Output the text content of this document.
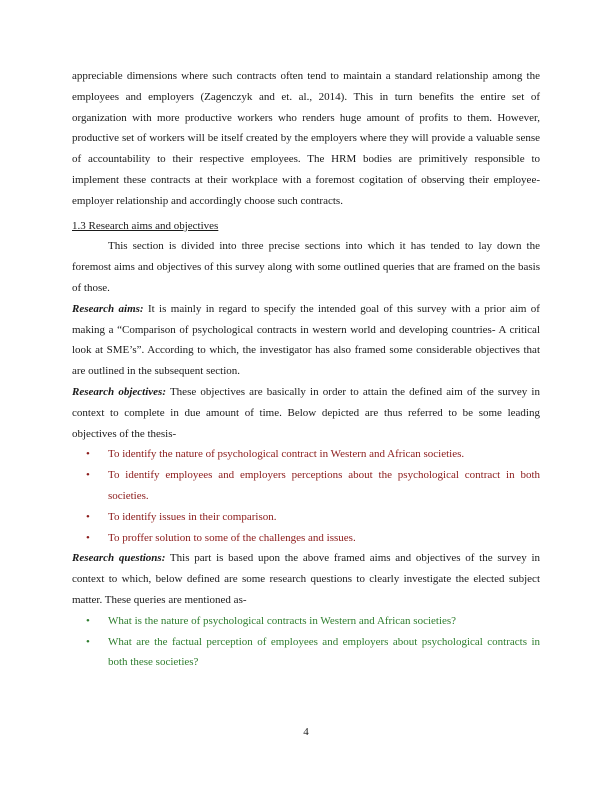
appreciable dimensions where such contracts often tend to maintain a standard relationship among the employees and employers (Zagenczyk and et. al., 2014). This in turn benefits the entire set of organization with more productive workers who renders huge amount of profits to them. However, productive set of workers will be itself created by the employers where they will provide a valuable sense of accountability to their respective employees. The HRM bodies are primitively responsible to implement these contracts at their workplace with a foremost cogitation of observing their employee- employer relationship and accordingly choose such contracts.

1.3 Research aims and objectives

This section is divided into three precise sections into which it has tended to lay down the foremost aims and objectives of this survey along with some outlined queries that are framed on the basis of those.

Research aims: It is mainly in regard to specify the intended goal of this survey with a prior aim of making a “Comparison of psychological contracts in western world and developing countries- A critical look at SME’s”. According to which, the investigator has also framed some considerable objectives that are outlined in the subsequent section.

Research objectives: These objectives are basically in order to attain the defined aim of the survey in context to complete in due amount of time. Below depicted are thus referred to be some leading objectives of the thesis-

• To identify the nature of psychological contract in Western and African societies.
• To identify employees and employers perceptions about the psychological contract in both societies.
• To identify issues in their comparison.
• To proffer solution to some of the challenges and issues.

Research questions: This part is based upon the above framed aims and objectives of the survey in context to which, below defined are some research questions to clearly investigate the elected subject matter. These queries are mentioned as-

• What is the nature of psychological contracts in Western and African societies?
• What are the factual perception of employees and employers about psychological contracts in both these societies?
4
